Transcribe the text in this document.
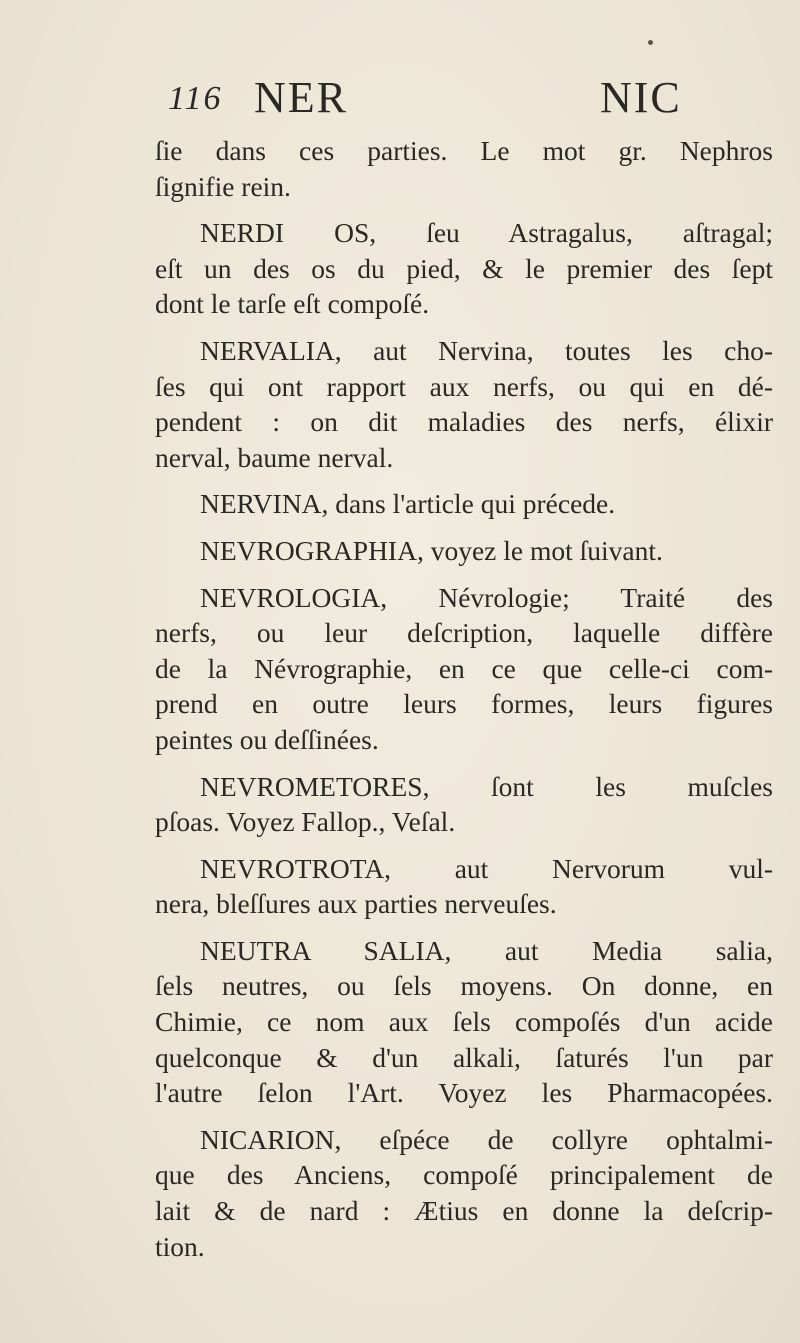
116 NER	NIC
ſie dans ces parties. Le mot gr. Nephros
ſignifie rein.
NERDI OS, ſeu Astragalus, aſtragal;
eſt un des os du pied, & le premier des ſept
dont le tarſe eſt compoſé.
NERVALIA, aut Nervina, toutes les cho-
ſes qui ont rapport aux nerfs, ou qui en dé-
pendent : on dit maladies des nerfs, élixir
nerval, baume nerval.
NERVINA, dans l'article qui précede.
NEVROGRAPHIA, voyez le mot ſuivant.
NEVROLOGIA, Névrologie; Traité des
nerfs, ou leur deſcription, laquelle diffère
de la Névrographie, en ce que celle-ci com-
prend en outre leurs formes, leurs figures
peintes ou deſſinées.
NEVROMETORES, ſont les muſcles
pſoas. Voyez Fallop., Veſal.
NEVROTROTA, aut Nervorum vul-
nera, bleſſures aux parties nerveuſes.
NEUTRA SALIA, aut Media salia,
ſels neutres, ou ſels moyens. On donne, en
Chimie, ce nom aux ſels compoſés d'un acide
quelconque & d'un alkali, ſaturés l'un par
l'autre ſelon l'Art. Voyez les Pharmacopées.
NICARION, eſpéce de collyre ophtalmi-
que des Anciens, compoſé principalement de
lait & de nard : Ætius en donne la deſcrip-
tion.
